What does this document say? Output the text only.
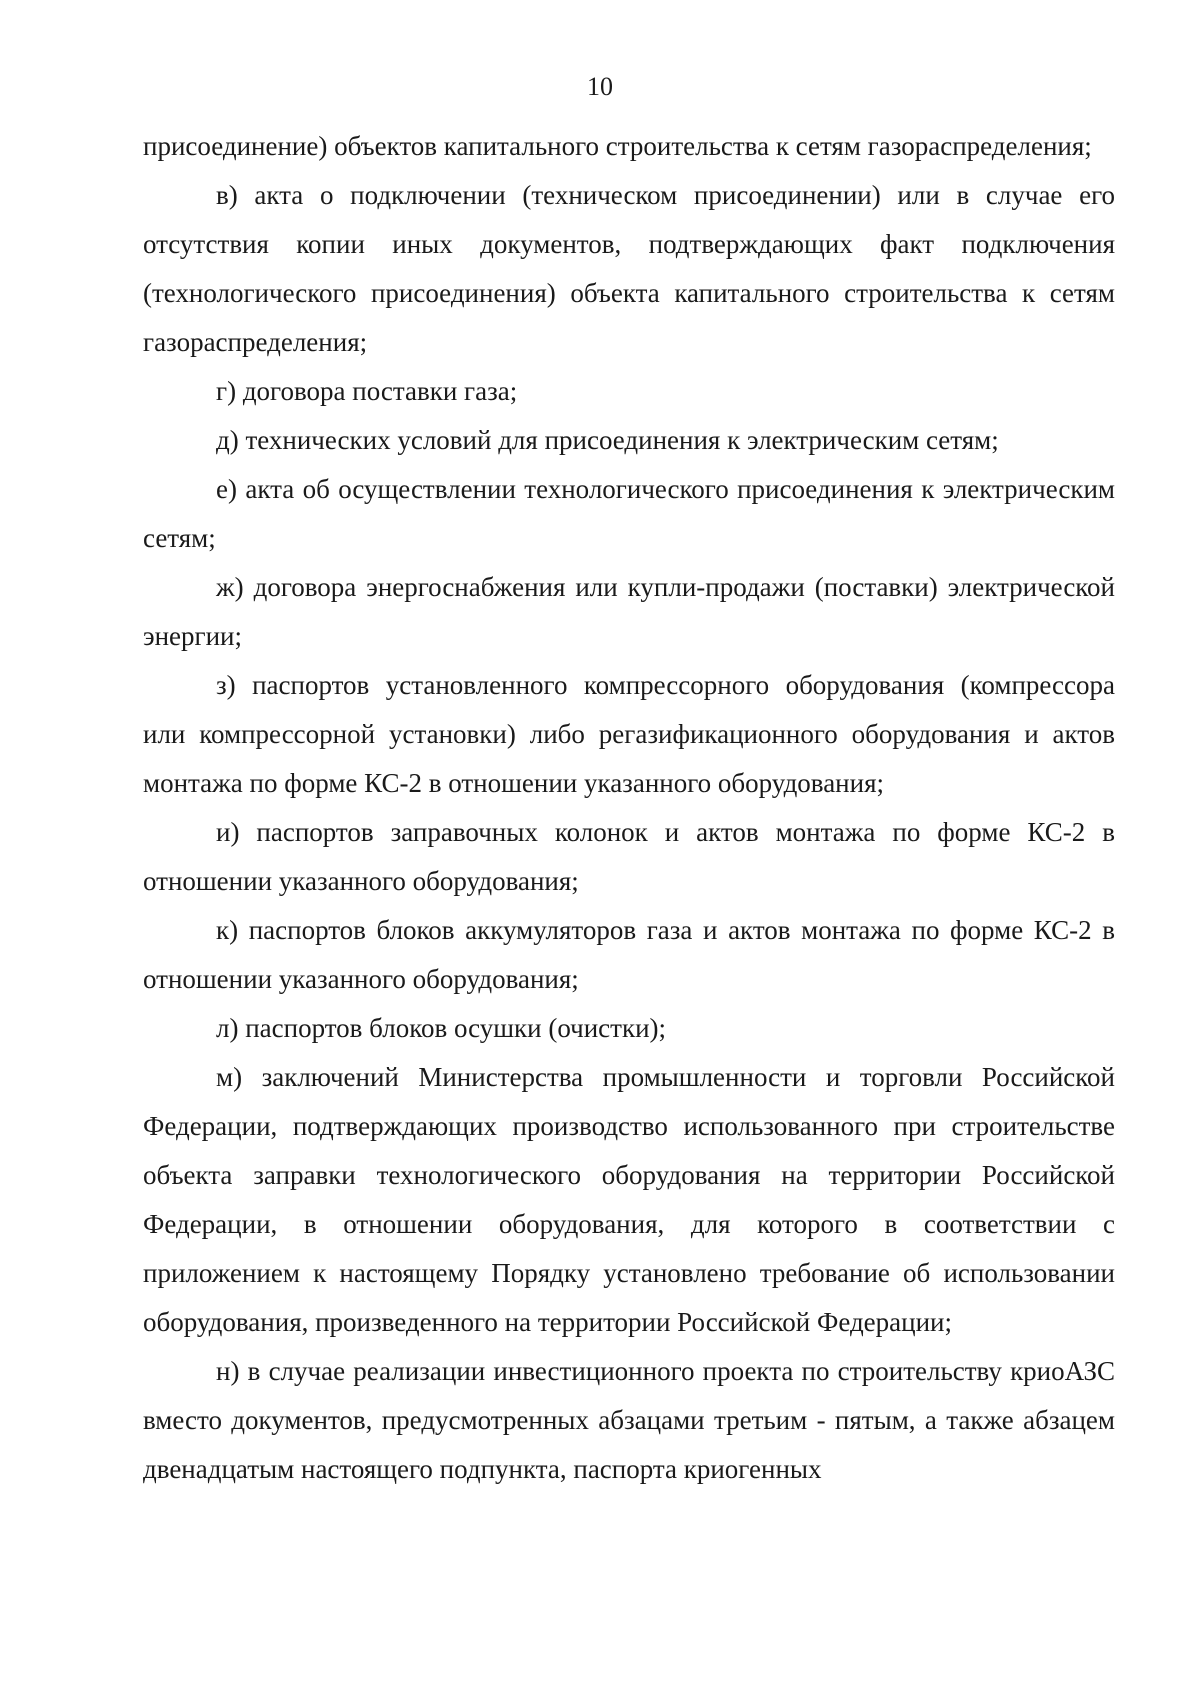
10

присоединение) объектов капитального строительства к сетям газораспределения;

в) акта о подключении (техническом присоединении) или в случае его отсутствия копии иных документов, подтверждающих факт подключения (технологического присоединения) объекта капитального строительства к сетям газораспределения;

г) договора поставки газа;

д) технических условий для присоединения к электрическим сетям;

е) акта об осуществлении технологического присоединения к электрическим сетям;

ж) договора энергоснабжения или купли-продажи (поставки) электрической энергии;

з) паспортов установленного компрессорного оборудования (компрессора или компрессорной установки) либо регазификационного оборудования и актов монтажа по форме КС-2 в отношении указанного оборудования;

и) паспортов заправочных колонок и актов монтажа по форме КС-2 в отношении указанного оборудования;

к) паспортов блоков аккумуляторов газа и актов монтажа по форме КС-2 в отношении указанного оборудования;

л) паспортов блоков осушки (очистки);

м) заключений Министерства промышленности и торговли Российской Федерации, подтверждающих производство использованного при строительстве объекта заправки технологического оборудования на территории Российской Федерации, в отношении оборудования, для которого в соответствии с приложением к настоящему Порядку установлено требование об использовании оборудования, произведенного на территории Российской Федерации;

н) в случае реализации инвестиционного проекта по строительству криоАЗС вместо документов, предусмотренных абзацами третьим - пятым, а также абзацем двенадцатым настоящего подпункта, паспорта криогенных
